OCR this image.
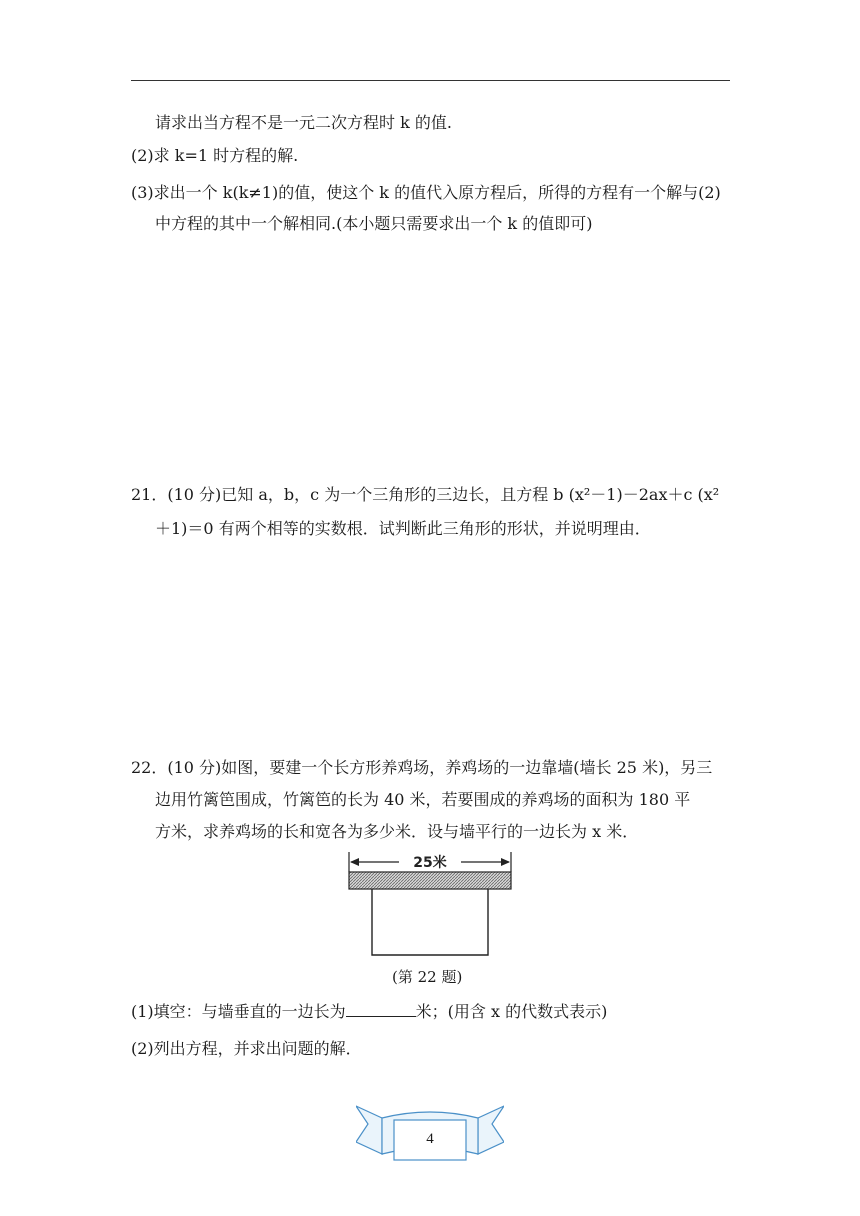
请求出当方程不是一元二次方程时 k 的值.
(2)求 k=1 时方程的解.
(3)求出一个 k(k≠1)的值，使这个 k 的值代入原方程后，所得的方程有一个解与(2)
中方程的其中一个解相同.(本小题只需要求出一个 k 的值即可)
21．(10 分)已知 a，b，c 为一个三角形的三边长，且方程 b (x²－1)－2ax＋c (x²
＋1)＝0 有两个相等的实数根．试判断此三角形的形状，并说明理由．
22．(10 分)如图，要建一个长方形养鸡场，养鸡场的一边靠墙(墙长 25 米)，另三
边用竹篱笆围成，竹篱笆的长为 40 米，若要围成的养鸡场的面积为 180 平
方米，求养鸡场的长和宽各为多少米．设与墙平行的一边长为 x 米．
25米
(第 22 题)
(1)填空：与墙垂直的一边长为	米；(用含 x 的代数式表示)
(2)列出方程，并求出问题的解．
4
